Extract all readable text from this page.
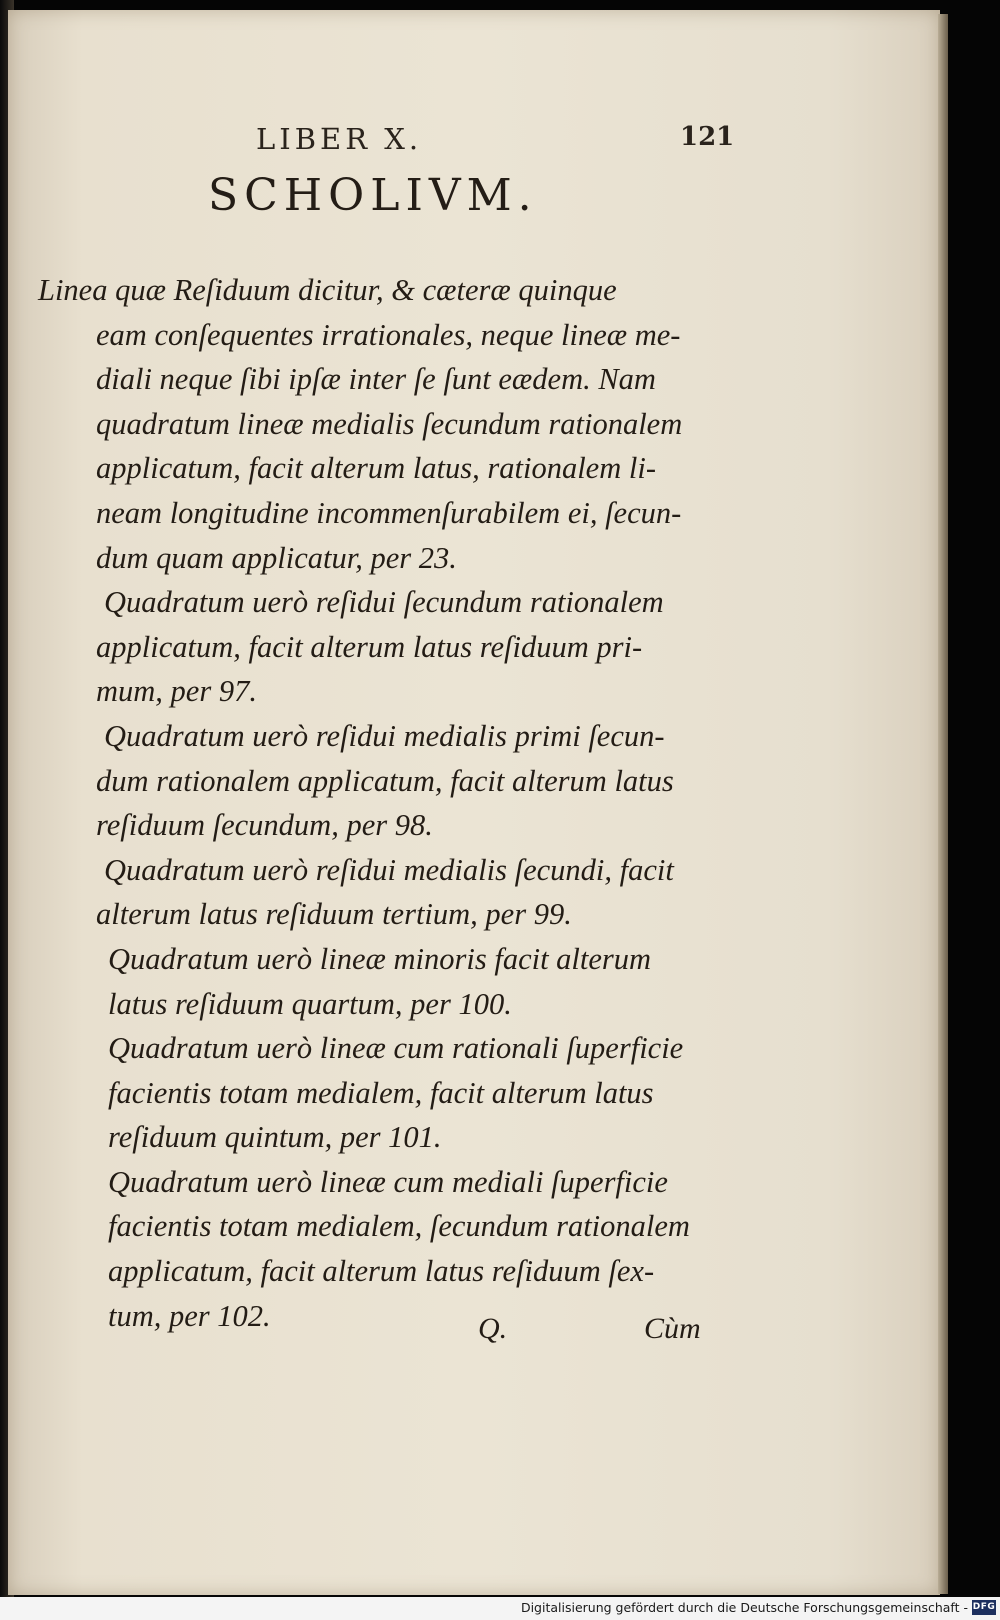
LIBER X.	121
SCHOLIVM.
Linea quæ Reſiduum dicitur, & cæteræ quinque
eam conſequentes irrationales, neque lineæ me-
diali neque ſibi ipſæ inter ſe ſunt eædem. Nam
quadratum lineæ medialis ſecundum rationalem
applicatum, facit alterum latus, rationalem li-
neam longitudine incommenſurabilem ei, ſecun-
dum quam applicatur, per 23.
Quadratum uerò reſidui ſecundum rationalem
applicatum, facit alterum latus reſiduum pri-
mum, per 97.
Quadratum uerò reſidui medialis primi ſecun-
dum rationalem applicatum, facit alterum latus
reſiduum ſecundum, per 98.
Quadratum uerò reſidui medialis ſecundi, facit
alterum latus reſiduum tertium, per 99.
Quadratum uerò lineæ minoris facit alterum
latus reſiduum quartum, per 100.
Quadratum uerò lineæ cum rationali ſuperficie
facientis totam medialem, facit alterum latus
reſiduum quintum, per 101.
Quadratum uerò lineæ cum mediali ſuperficie
facientis totam medialem, ſecundum rationalem
applicatum, facit alterum latus reſiduum ſex-
tum, per 102.	Q.	Cùm
Digitalisierung gefördert durch die Deutsche Forschungsgemeinschaft - DFG
